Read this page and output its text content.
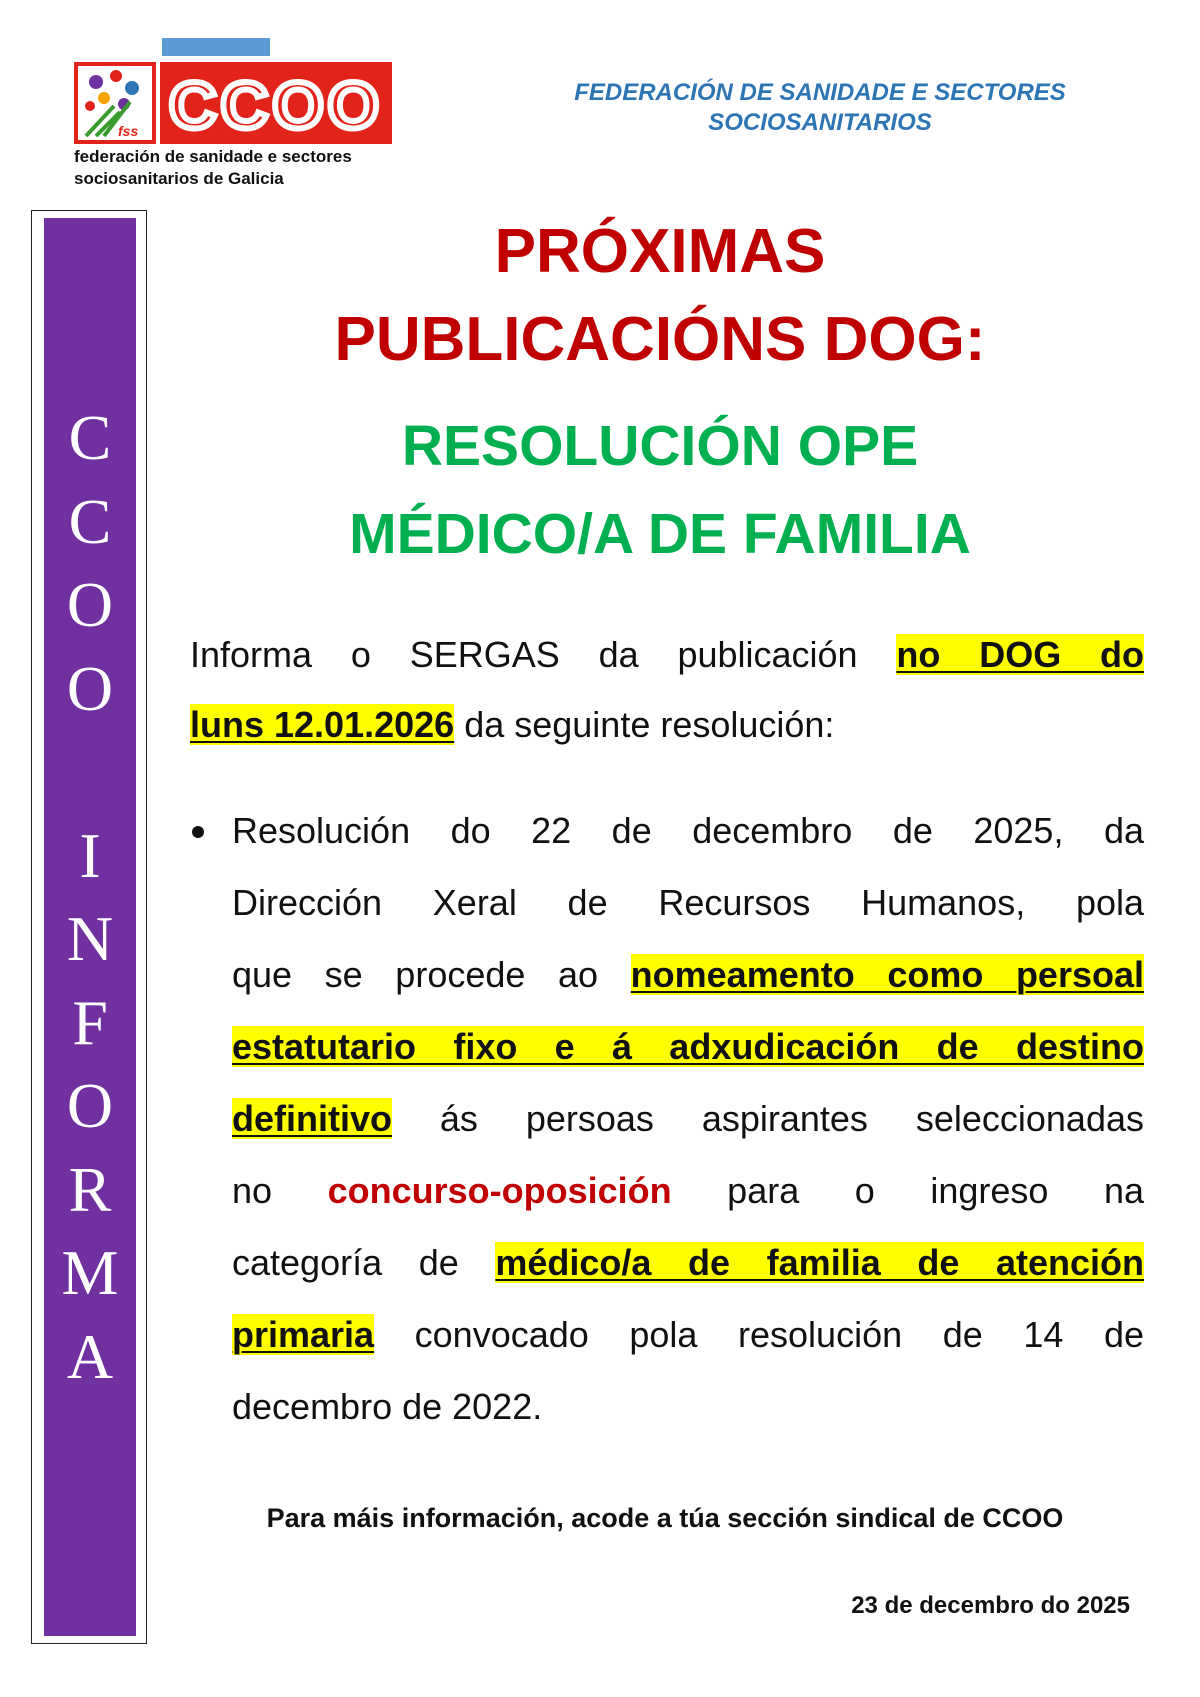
fss CCOO
federación de sanidade e sectores
sociosanitarios de Galicia
FEDERACIÓN DE SANIDADE E SECTORES
SOCIOSANITARIOS
C
C
O
O
I
N
F
O
R
M
A
PRÓXIMAS
PUBLICACIÓNS DOG:
RESOLUCIÓN OPE
MÉDICO/A DE FAMILIA
Informa o SERGAS da publicación no DOG do
luns 12.01.2026 da seguinte resolución:
Resolución do 22 de decembro de 2025, da
Dirección Xeral de Recursos Humanos, pola
que se procede ao nomeamento como persoal
estatutario fixo e á adxudicación de destino
definitivo ás persoas aspirantes seleccionadas
no concurso-oposición para o ingreso na
categoría de médico/a de familia de atención
primaria convocado pola resolución de 14 de
decembro de 2022.
Para máis información, acode a túa sección sindical de CCOO
23 de decembro do 2025
